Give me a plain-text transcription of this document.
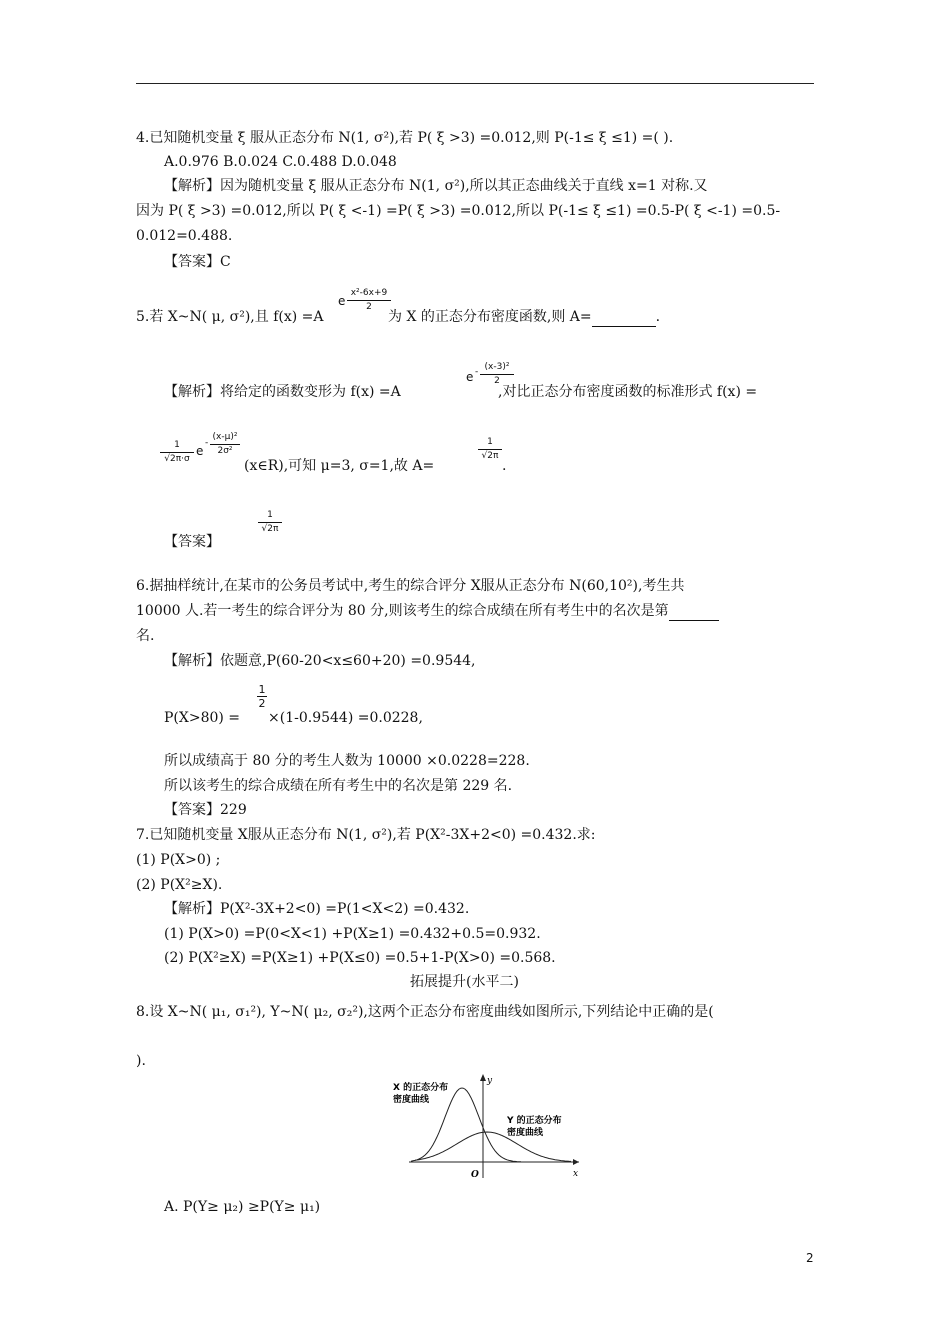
4.已知随机变量 ξ 服从正态分布 N(1, σ²),若 P( ξ >3) =0.012,则 P(-1≤ ξ ≤1) =( ).
A.0.976 B.0.024 C.0.488 D.0.048
【解析】因为随机变量 ξ 服从正态分布 N(1, σ²),所以其正态曲线关于直线 x=1 对称.又
因为 P( ξ >3) =0.012,所以 P( ξ <-1) =P( ξ >3) =0.012,所以 P(-1≤ ξ ≤1) =0.5-P( ξ <-1) =0.5-
0.012=0.488.
【答案】C
5.若 X~N( μ, σ²),且 f(x) =A
e
x²-6x+9
2
为 X 的正态分布密度函数,则 A=	.
【解析】将给定的函数变形为 f(x) =A
e - (x-3)²
2
,对比正态分布密度函数的标准形式 f(x) =
1
√2π·σ
e
-
(x-μ)²
2σ²
(x∈R),可知 μ=3, σ=1,故 A=
1
√2π
.
【答案】
1
√2π
6.据抽样统计,在某市的公务员考试中,考生的综合评分 X服从正态分布 N(60,10²),考生共
10000 人.若一考生的综合评分为 80 分,则该考生的综合成绩在所有考生中的名次是第
名.
【解析】依题意,P(60-20<x≤60+20) =0.9544,
P(X>80) =
1
2
×(1-0.9544) =0.0228,
所以成绩高于 80 分的考生人数为 10000 ×0.0228=228.
所以该考生的综合成绩在所有考生中的名次是第 229 名.
【答案】229
7.已知随机变量 X服从正态分布 N(1, σ²),若 P(X²-3X+2<0) =0.432.求:
(1) P(X>0) ;
(2) P(X²≥X).
【解析】P(X²-3X+2<0) =P(1<X<2) =0.432.
(1) P(X>0) =P(0<X<1) +P(X≥1) =0.432+0.5=0.932.
(2) P(X²≥X) =P(X≥1) +P(X≤0) =0.5+1-P(X>0) =0.568.
拓展提升(水平二)
8.设 X~N( μ₁, σ₁²), Y~N( μ₂, σ₂²),这两个正态分布密度曲线如图所示,下列结论中正确的是(
).
X 的正态分布
密度曲线
Y 的正态分布
密度曲线
y
x
O
A. P(Y≥ μ₂) ≥P(Y≥ μ₁)
2
